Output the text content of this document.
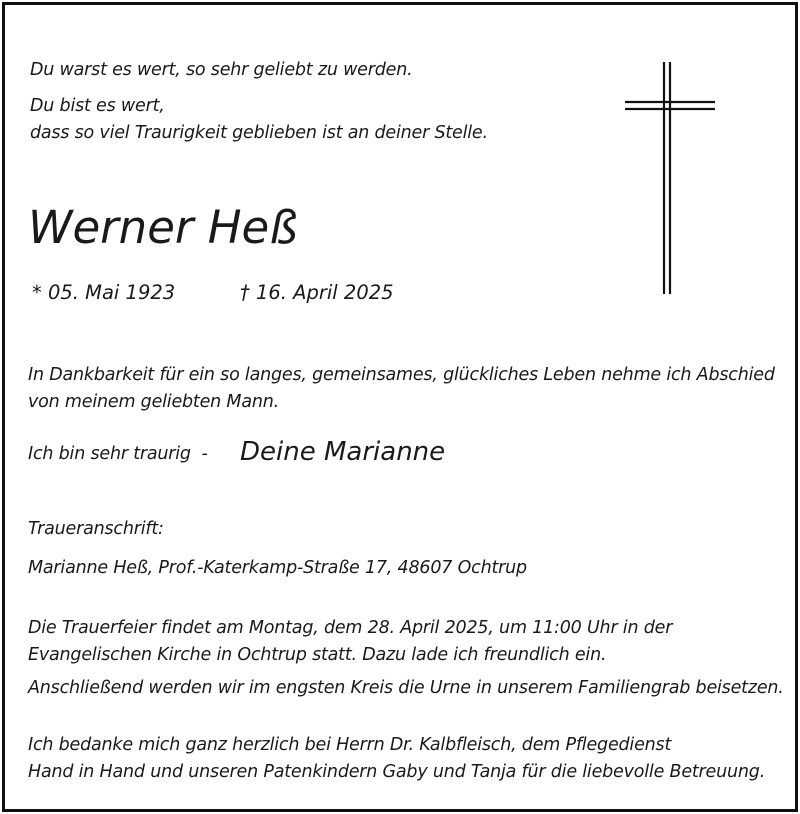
Du warst es wert, so sehr geliebt zu werden.

Du bist es wert,

dass so viel Traurigkeit geblieben ist an deiner Stelle.

Werner Heß
* 05. Mai 1923	† 16. April 2025

In Dankbarkeit für ein so langes, gemeinsames, glückliches Leben nehme ich Abschied

von meinem geliebten Mann.

Ich bin sehr traurig  - Deine Marianne

Traueranschrift:

Marianne Heß, Prof.-Katerkamp-Straße 17, 48607 Ochtrup

Die Trauerfeier findet am Montag, dem 28. April 2025, um 11:00 Uhr in der

Evangelischen Kirche in Ochtrup statt. Dazu lade ich freundlich ein.

Anschließend werden wir im engsten Kreis die Urne in unserem Familiengrab beisetzen.

Ich bedanke mich ganz herzlich bei Herrn Dr. Kalbfleisch, dem Pflegedienst

Hand in Hand und unseren Patenkindern Gaby und Tanja für die liebevolle Betreuung.
